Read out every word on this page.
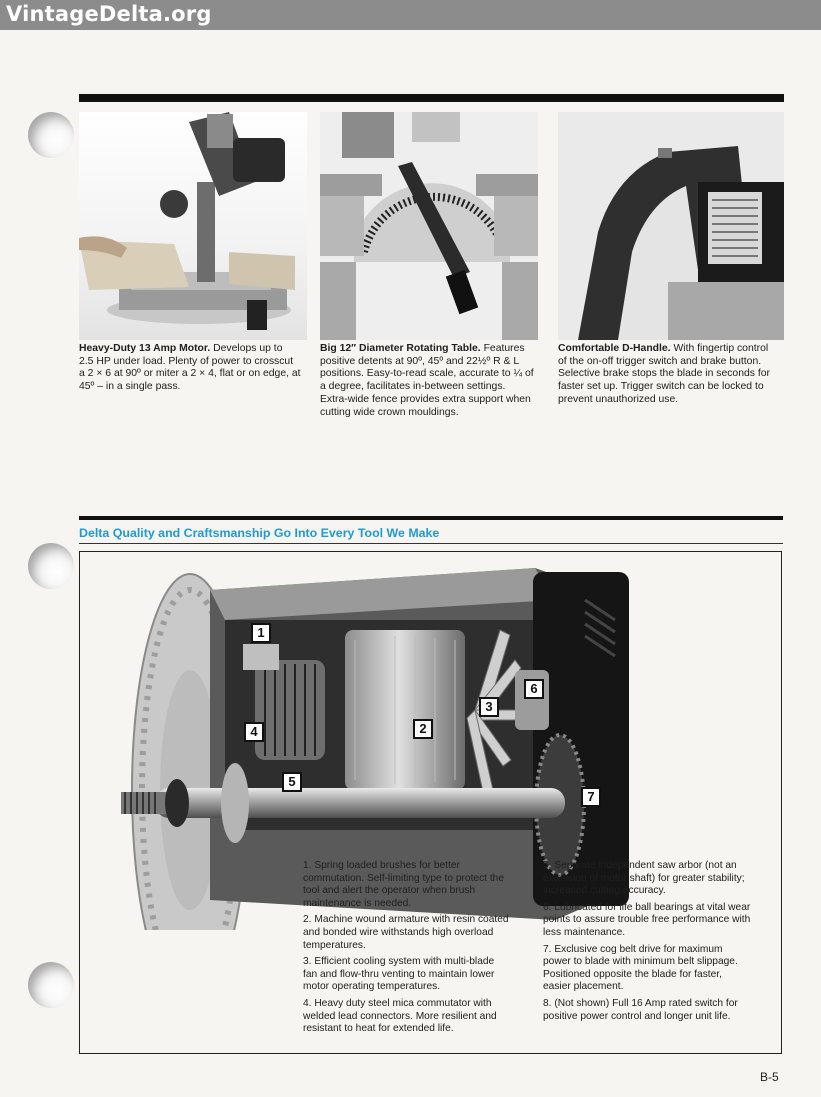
VintageDelta.org
Heavy-Duty 13 Amp Motor. Develops up to
2.5 HP under load. Plenty of power to crosscut
a 2 × 6 at 90º or miter a 2 × 4, flat or on edge, at
45º – in a single pass.
Big 12″ Diameter Rotating Table. Features
positive detents at 90º, 45º and 22½º R & L
positions. Easy-to-read scale, accurate to ¼ of
a degree, facilitates in-between settings.
Extra-wide fence provides extra support when
cutting wide crown mouldings.
Comfortable D-Handle. With fingertip control
of the on-off trigger switch and brake button.
Selective brake stops the blade in seconds for
faster set up. Trigger switch can be locked to
prevent unauthorized use.
Delta Quality and Craftsmanship Go Into Every Tool We Make
1
2
3
4
5
6
7

1. Spring loaded brushes for better
commutation. Self-limiting type to protect the
tool and alert the operator when brush
maintenance is needed.

2. Machine wound armature with resin coated
and bonded wire withstands high overload
temperatures.

3. Efficient cooling system with multi-blade
fan and flow-thru venting to maintain lower
motor operating temperatures.

4. Heavy duty steel mica commutator with
welded lead connectors. More resilient and
resistant to heat for extended life.

5. Separate independent saw arbor (not an
extension of motor shaft) for greater stability;
increased cutting accuracy.

6. Lubricated for life ball bearings at vital wear
points to assure trouble free performance with
less maintenance.

7. Exclusive cog belt drive for maximum
power to blade with minimum belt slippage.
Positioned opposite the blade for faster,
easier placement.

8. (Not shown) Full 16 Amp rated switch for
positive power control and longer unit life.

B-5
